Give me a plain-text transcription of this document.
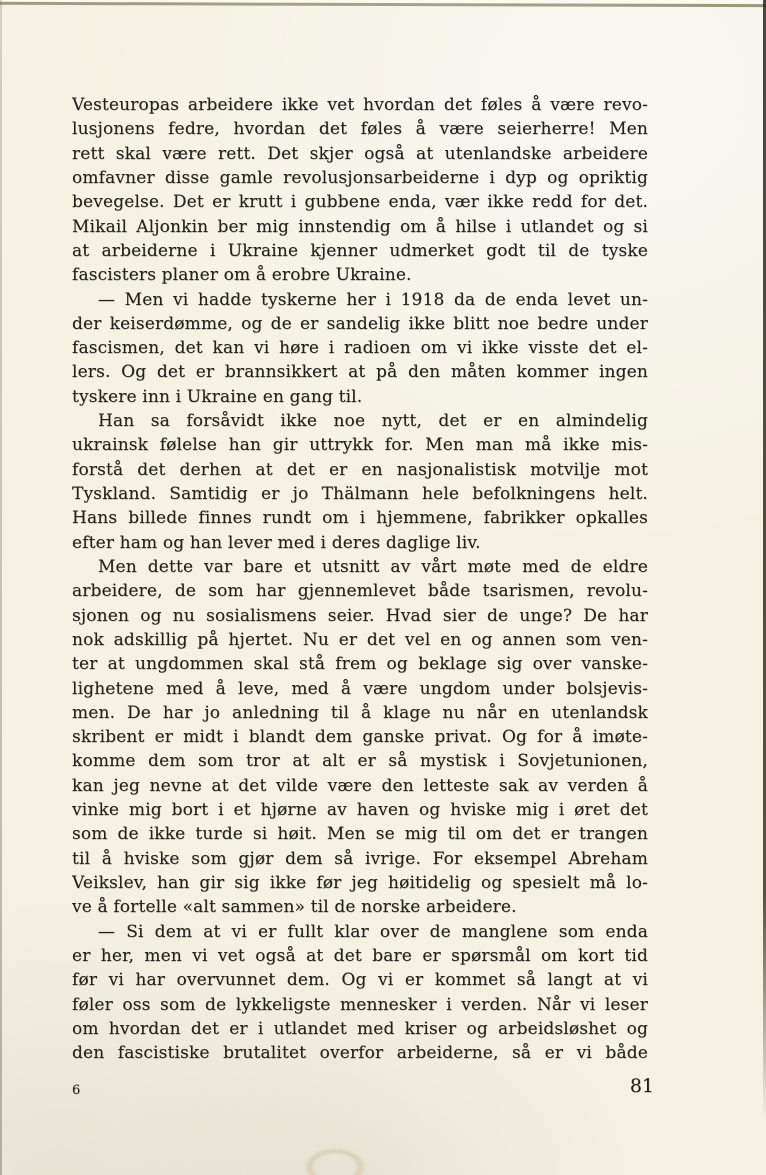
Vesteuropas arbeidere ikke vet hvordan det føles å være revo-
lusjonens fedre, hvordan det føles å være seierherre! Men
rett skal være rett. Det skjer også at utenlandske arbeidere
omfavner disse gamle revolusjonsarbeiderne i dyp og opriktig
bevegelse. Det er krutt i gubbene enda, vær ikke redd for det.
Mikail Aljonkin ber mig innstendig om å hilse i utlandet og si
at arbeiderne i Ukraine kjenner udmerket godt til de tyske
fascisters planer om å erobre Ukraine.
— Men vi hadde tyskerne her i 1918 da de enda levet un-
der keiserdømme, og de er sandelig ikke blitt noe bedre under
fascismen, det kan vi høre i radioen om vi ikke visste det el-
lers. Og det er brannsikkert at på den måten kommer ingen
tyskere inn i Ukraine en gang til.
Han sa forsåvidt ikke noe nytt, det er en almindelig
ukrainsk følelse han gir uttrykk for. Men man må ikke mis-
forstå det derhen at det er en nasjonalistisk motvilje mot
Tyskland. Samtidig er jo Thälmann hele befolkningens helt.
Hans billede finnes rundt om i hjemmene, fabrikker opkalles
efter ham og han lever med i deres daglige liv.
Men dette var bare et utsnitt av vårt møte med de eldre
arbeidere, de som har gjennemlevet både tsarismen, revolu-
sjonen og nu sosialismens seier. Hvad sier de unge? De har
nok adskillig på hjertet. Nu er det vel en og annen som ven-
ter at ungdommen skal stå frem og beklage sig over vanske-
lighetene med å leve, med å være ungdom under bolsjevis-
men. De har jo anledning til å klage nu når en utenlandsk
skribent er midt i blandt dem ganske privat. Og for å imøte-
komme dem som tror at alt er så mystisk i Sovjetunionen,
kan jeg nevne at det vilde være den letteste sak av verden å
vinke mig bort i et hjørne av haven og hviske mig i øret det
som de ikke turde si høit. Men se mig til om det er trangen
til å hviske som gjør dem så ivrige. For eksempel Abreham
Veikslev, han gir sig ikke før jeg høitidelig og spesielt må lo-
ve å fortelle «alt sammen» til de norske arbeidere.
— Si dem at vi er fullt klar over de manglene som enda
er her, men vi vet også at det bare er spørsmål om kort tid
før vi har overvunnet dem. Og vi er kommet så langt at vi
føler oss som de lykkeligste mennesker i verden. Når vi leser
om hvordan det er i utlandet med kriser og arbeidsløshet og
den fascistiske brutalitet overfor arbeiderne, så er vi både
6	81
